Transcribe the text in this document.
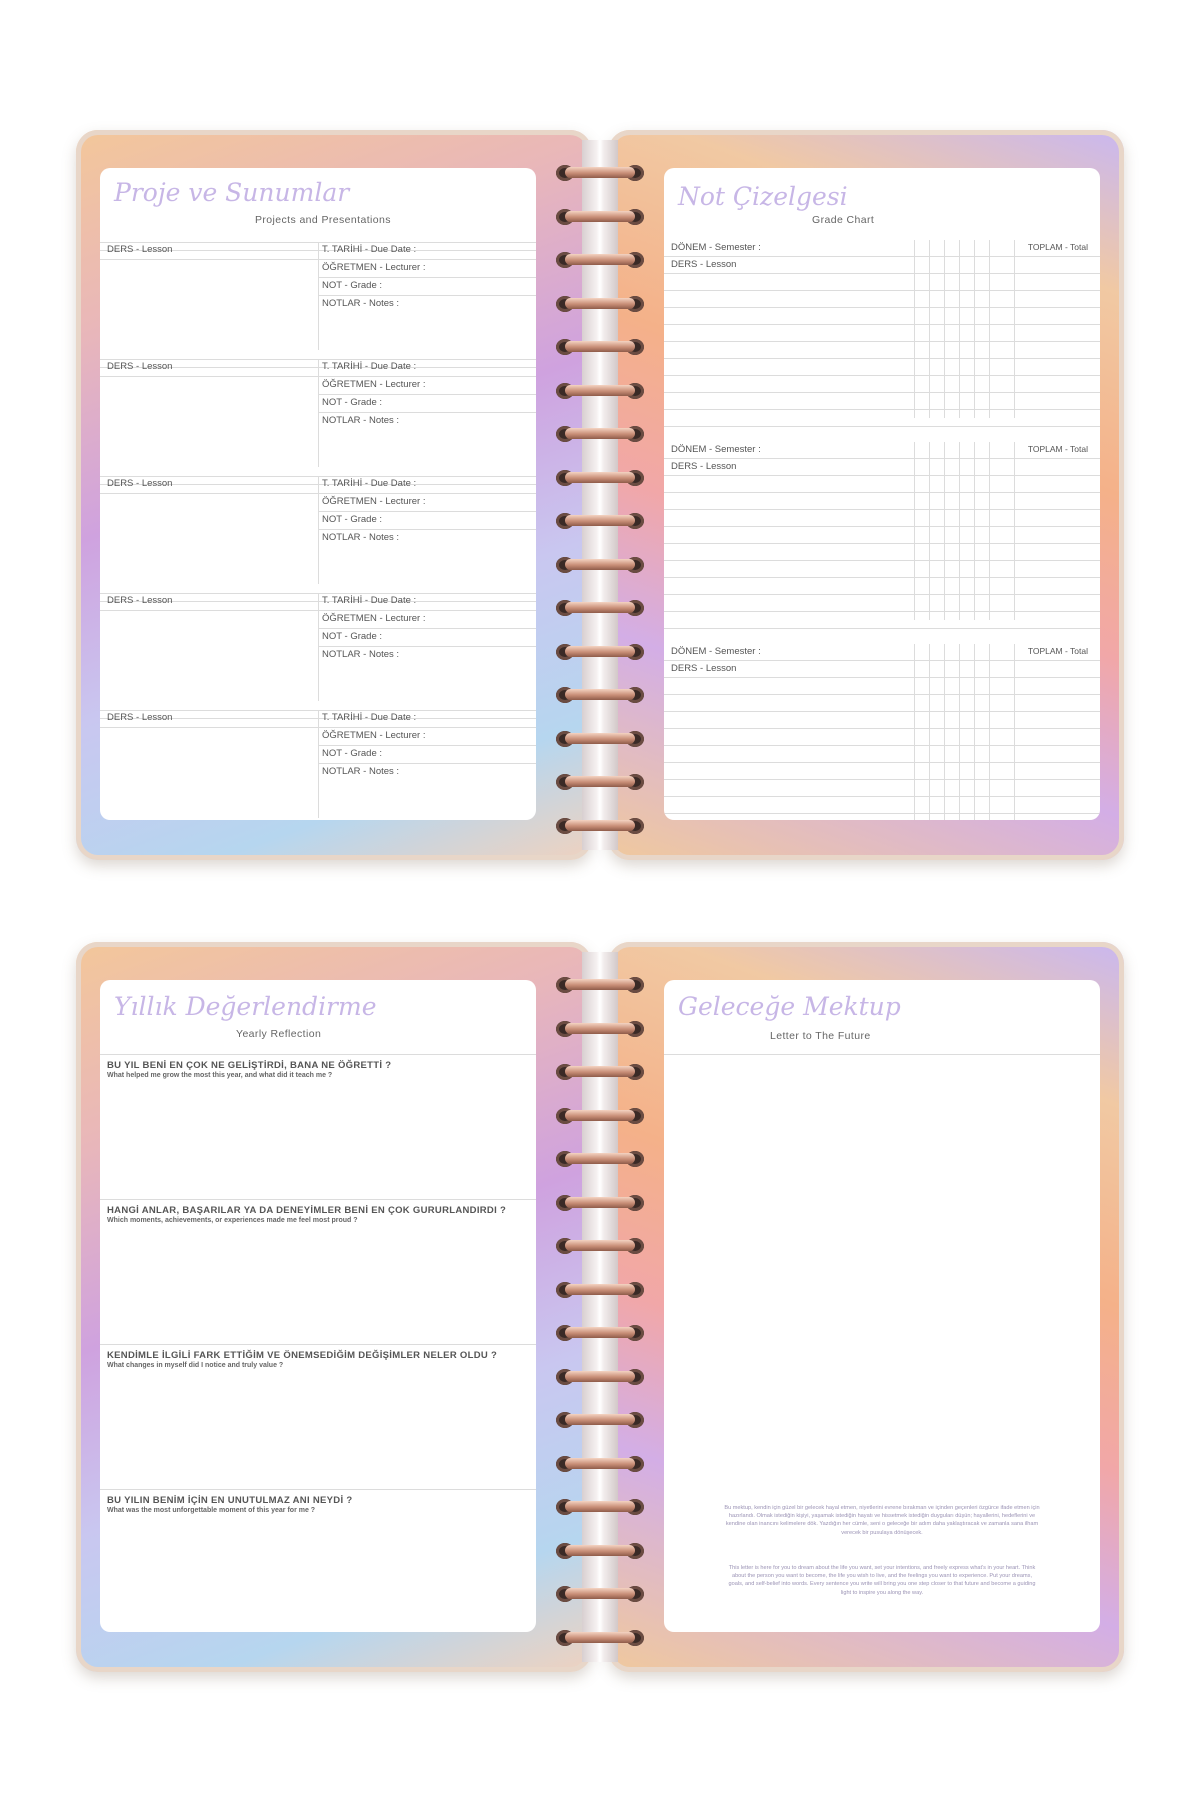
Proje ve Sunumlar
Projects and Presentations
DERS - Lesson	T. TARİHİ - Due Date :
ÖĞRETMEN - Lecturer :
NOT - Grade :
NOTLAR - Notes :
DERS - Lesson	T. TARİHİ - Due Date :
ÖĞRETMEN - Lecturer :
NOT - Grade :
NOTLAR - Notes :
DERS - Lesson	T. TARİHİ - Due Date :
ÖĞRETMEN - Lecturer :
NOT - Grade :
NOTLAR - Notes :
DERS - Lesson	T. TARİHİ - Due Date :
ÖĞRETMEN - Lecturer :
NOT - Grade :
NOTLAR - Notes :
DERS - Lesson	T. TARİHİ - Due Date :
ÖĞRETMEN - Lecturer :
NOT - Grade :
NOTLAR - Notes :
Not Çizelgesi
Grade Chart
DÖNEM - Semester :	TOPLAM - Total
DERS - Lesson
DÖNEM - Semester :	TOPLAM - Total
DERS - Lesson
DÖNEM - Semester :	TOPLAM - Total
DERS - Lesson
Yıllık Değerlendirme
Yearly Reflection
BU YIL BENİ EN ÇOK NE GELİŞTİRDİ, BANA NE ÖĞRETTİ ?
What helped me grow the most this year, and what did it teach me ?
HANGİ ANLAR, BAŞARILAR YA DA DENEYİMLER BENİ EN ÇOK GURURLANDIRDI ?
Which moments, achievements, or experiences made me feel most proud ?
KENDİMLE İLGİLİ FARK ETTİĞİM VE ÖNEMSEDİĞİM DEĞİŞİMLER NELER OLDU ?
What changes in myself did I notice and truly value ?
BU YILIN BENİM İÇİN EN UNUTULMAZ ANI NEYDİ ?
What was the most unforgettable moment of this year for me ?
Geleceğe Mektup
Letter to The Future
Bu mektup, kendin için güzel bir gelecek hayal etmen, niyetlerini evrene bırakman ve içinden geçenleri özgürce ifade etmen için hazırlandı. Olmak istediğin kişiyi, yaşamak istediğin hayatı ve hissetmek istediğin duyguları düşün; hayallerini, hedeflerini ve kendine olan inancını kelimelere dök. Yazdığın her cümle, seni o geleceğe bir adım daha yaklaştıracak ve zamanla sana ilham verecek bir pusulaya dönüşecek.
This letter is here for you to dream about the life you want, set your intentions, and freely express what's in your heart. Think about the person you want to become, the life you wish to live, and the feelings you want to experience. Put your dreams, goals, and self-belief into words. Every sentence you write will bring you one step closer to that future and become a guiding light to inspire you along the way.
